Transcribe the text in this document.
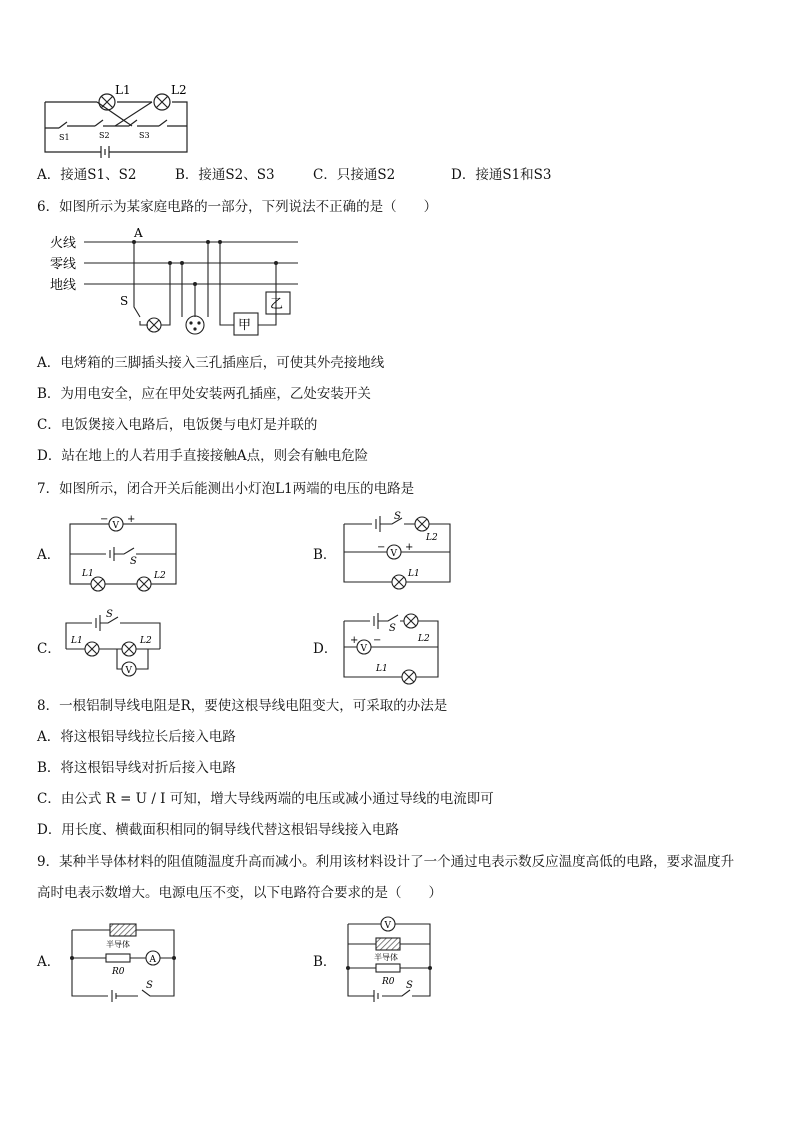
L1	L2
S1	S2	S3
A．接通S1、S2	B．接通S2、S3	C．只接通S2	D．接通S1和S3
6．如图所示为某家庭电路的一部分，下列说法不正确的是（　　）
火线
零线
地线
A
S
甲
乙
A．电烤箱的三脚插头接入三孔插座后，可使其外壳接地线
B．为用电安全，应在甲处安装两孔插座，乙处安装开关
C．电饭煲接入电路后，电饭煲与电灯是并联的
D．站在地上的人若用手直接接触A点，则会有触电危险
7．如图所示，闭合开关后能测出小灯泡L1两端的电压的电路是
A．
V
− +
S
L1	L2
B．	V
− +
S
L2
L1
C．
V
S
L1	L2	D．	V
+ −
S
L2
L1
8．一根铝制导线电阻是R，要使这根导线电阻变大，可采取的办法是
A．将这根铝导线拉长后接入电路
B．将这根铝导线对折后接入电路
C．由公式 R = U / I 可知，增大导线两端的电压或减小通过导线的电流即可
D．用长度、横截面积相同的铜导线代替这根铝导线接入电路
9．某种半导体材料的阻值随温度升高而减小。利用该材料设计了一个通过电表示数反应温度高低的电路，要求温度升
高时电表示数增大。电源电压不变，以下电路符合要求的是（　　）
A．
半导体
R0
A
S
B．
V
半导体
R0 S
